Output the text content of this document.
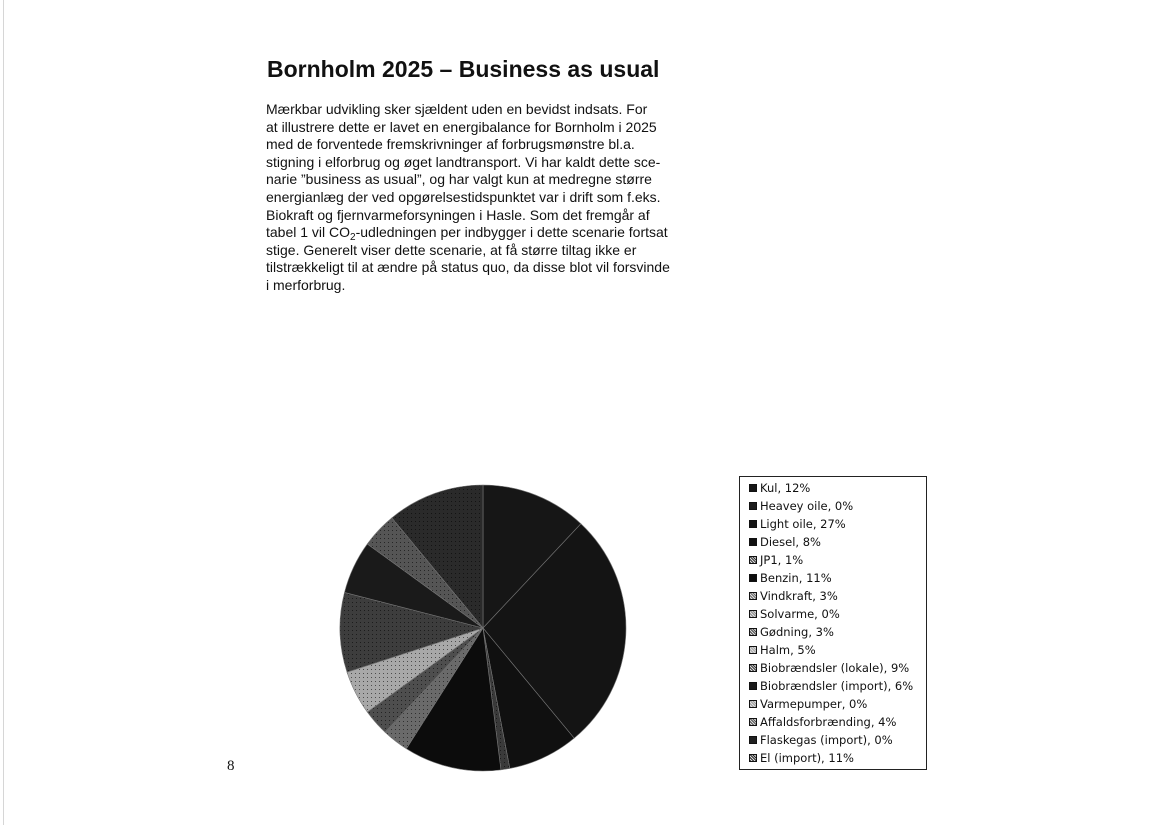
Bornholm 2025 – Business as usual
Mærkbar udvikling sker sjældent uden en bevidst indsats. For
at illustrere dette er lavet en energibalance for Bornholm i 2025
med de forventede fremskrivninger af forbrugsmønstre bl.a.
stigning i elforbrug og øget landtransport. Vi har kaldt dette sce-
narie ”business as usual”, og har valgt kun at medregne større
energianlæg der ved opgørelsestidspunktet var i drift som f.eks.
Biokraft og fjernvarmeforsyningen i Hasle. Som det fremgår af
tabel 1 vil $CO_2$-udledningen per indbygger i dette scenarie fortsat
stige. Generelt viser dette scenarie, at få større tiltag ikke er
tilstrækkeligt til at ændre på status quo, da disse blot vil forsvinde
i merforbrug.
Kul, 12%
Heavey oile, 0%
Light oile, 27%
Diesel, 8%
JP1, 1%
Benzin, 11%
Vindkraft, 3%
Solvarme, 0%
Gødning, 3%
Halm, 5%
Biobrændsler (lokale), 9%
Biobrændsler (import), 6%
Varmepumper, 0%
Affaldsforbrænding, 4%
Flaskegas (import), 0%
El (import), 11%
8
